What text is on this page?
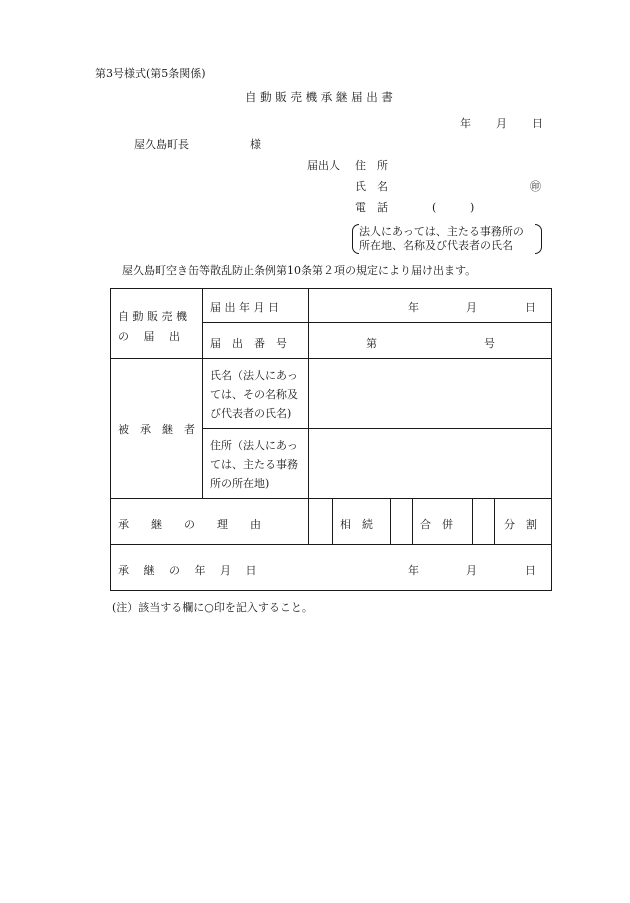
第3号様式(第5条関係)
自 動 販 売 機 承 継 届 出 書
年 月 日
屋久島町長	様
届出人 住　所
氏　名	㊞
電　話	(	)
法人にあっては、主たる事務所の
所在地、名称及び代表者の氏名
屋久島町空き缶等散乱防止条例第10条第２項の規定により届け出ます。
自 動 販 売 機
の　 届　 出
届 出 年 月 日	年	月	日
届　出　番　号	第	号
被　承　継　者
氏名（法人にあっ
ては、その名称及
び代表者の氏名)
住所（法人にあっ
ては、主たる事務
所の所在地)
承　　継　　の　　理　　由	相　続	合　併	分　割
承　 継　 の　 年　 月　 日	年	月	日
(注）該当する欄に○印を記入すること。
